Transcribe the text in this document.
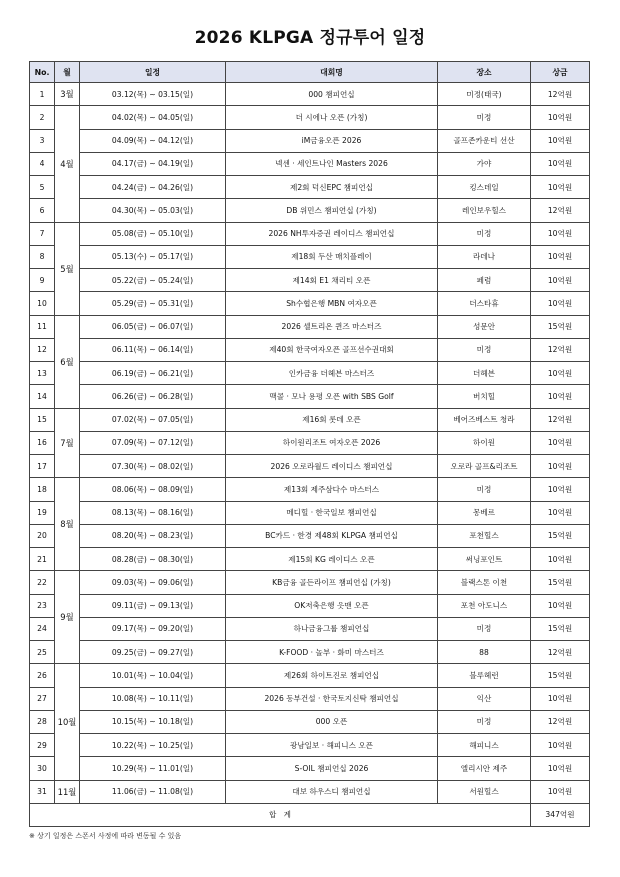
2026 KLPGA 정규투어 일정
No.	월	일정	대회명	장소	상금
1	3월	03.12(목) ~ 03.15(일)	000 챔피언십	미정(태국)	12억원
2	4월	04.02(목) ~ 04.05(일)	더 시에나 오픈 (가칭)	미정	10억원
3		04.09(목) ~ 04.12(일)	iM금융오픈 2026	골프존카운티 선산	10억원
4		04.17(금) ~ 04.19(일)	넥센 · 세인트나인 Masters 2026	가야	10억원
5		04.24(금) ~ 04.26(일)	제2회 덕신EPC 챔피언십	킹스데일	10억원
6		04.30(목) ~ 05.03(일)	DB 위민스 챔피언십 (가칭)	레인보우힐스	12억원
7	5월	05.08(금) ~ 05.10(일)	2026 NH투자증권 레이디스 챔피언십	미정	10억원
8		05.13(수) ~ 05.17(일)	제18회 두산 매치플레이	라데나	10억원
9		05.22(금) ~ 05.24(일)	제14회 E1 채리티 오픈	페럼	10억원
10		05.29(금) ~ 05.31(일)	Sh수협은행 MBN 여자오픈	더스타휴	10억원
11	6월	06.05(금) ~ 06.07(일)	2026 셀트리온 퀸즈 마스터즈	성문안	15억원
12		06.11(목) ~ 06.14(일)	제40회 한국여자오픈 골프선수권대회	미정	12억원
13		06.19(금) ~ 06.21(일)	인카금융 더헤븐 마스터즈	더헤븐	10억원
14		06.26(금) ~ 06.28(일)	맥콜 · 모나 용평 오픈 with SBS Golf	버치힐	10억원
15	7월	07.02(목) ~ 07.05(일)	제16회 롯데 오픈	베어즈베스트 청라	12억원
16		07.09(목) ~ 07.12(일)	하이원리조트 여자오픈 2026	하이원	10억원
17		07.30(목) ~ 08.02(일)	2026 오로라월드 레이디스 챔피언십	오로라 골프&리조트	10억원
18	8월	08.06(목) ~ 08.09(일)	제13회 제주삼다수 마스터스	미정	10억원
19		08.13(목) ~ 08.16(일)	메디힐 · 한국일보 챔피언십	몽베르	10억원
20		08.20(목) ~ 08.23(일)	BC카드 · 한경 제48회 KLPGA 챔피언십	포천힐스	15억원
21		08.28(금) ~ 08.30(일)	제15회 KG 레이디스 오픈	써닝포인트	10억원
22	9월	09.03(목) ~ 09.06(일)	KB금융 골든라이프 챔피언십 (가칭)	블랙스톤 이천	15억원
23		09.11(금) ~ 09.13(일)	OK저축은행 읏맨 오픈	포천 아도니스	10억원
24		09.17(목) ~ 09.20(일)	하나금융그룹 챔피언십	미정	15억원
25		09.25(금) ~ 09.27(일)	K-FOOD · 놀부 · 화미 마스터즈	88	12억원
26	10월	10.01(목) ~ 10.04(일)	제26회 하이트진로 챔피언십	블루헤런	15억원
27		10.08(목) ~ 10.11(일)	2026 동부건설 · 한국토지신탁 챔피언십	익산	10억원
28		10.15(목) ~ 10.18(일)	000 오픈	미정	12억원
29		10.22(목) ~ 10.25(일)	광남일보 · 해피니스 오픈	해피니스	10억원
30		10.29(목) ~ 11.01(일)	S-OIL 챔피언십 2026	엘리시안 제주	10억원
31	11월	11.06(금) ~ 11.08(일)	대보 하우스디 챔피언십	서원힐스	10억원
합   계					347억원
※ 상기 일정은 스폰서 사정에 따라 변동될 수 있음
